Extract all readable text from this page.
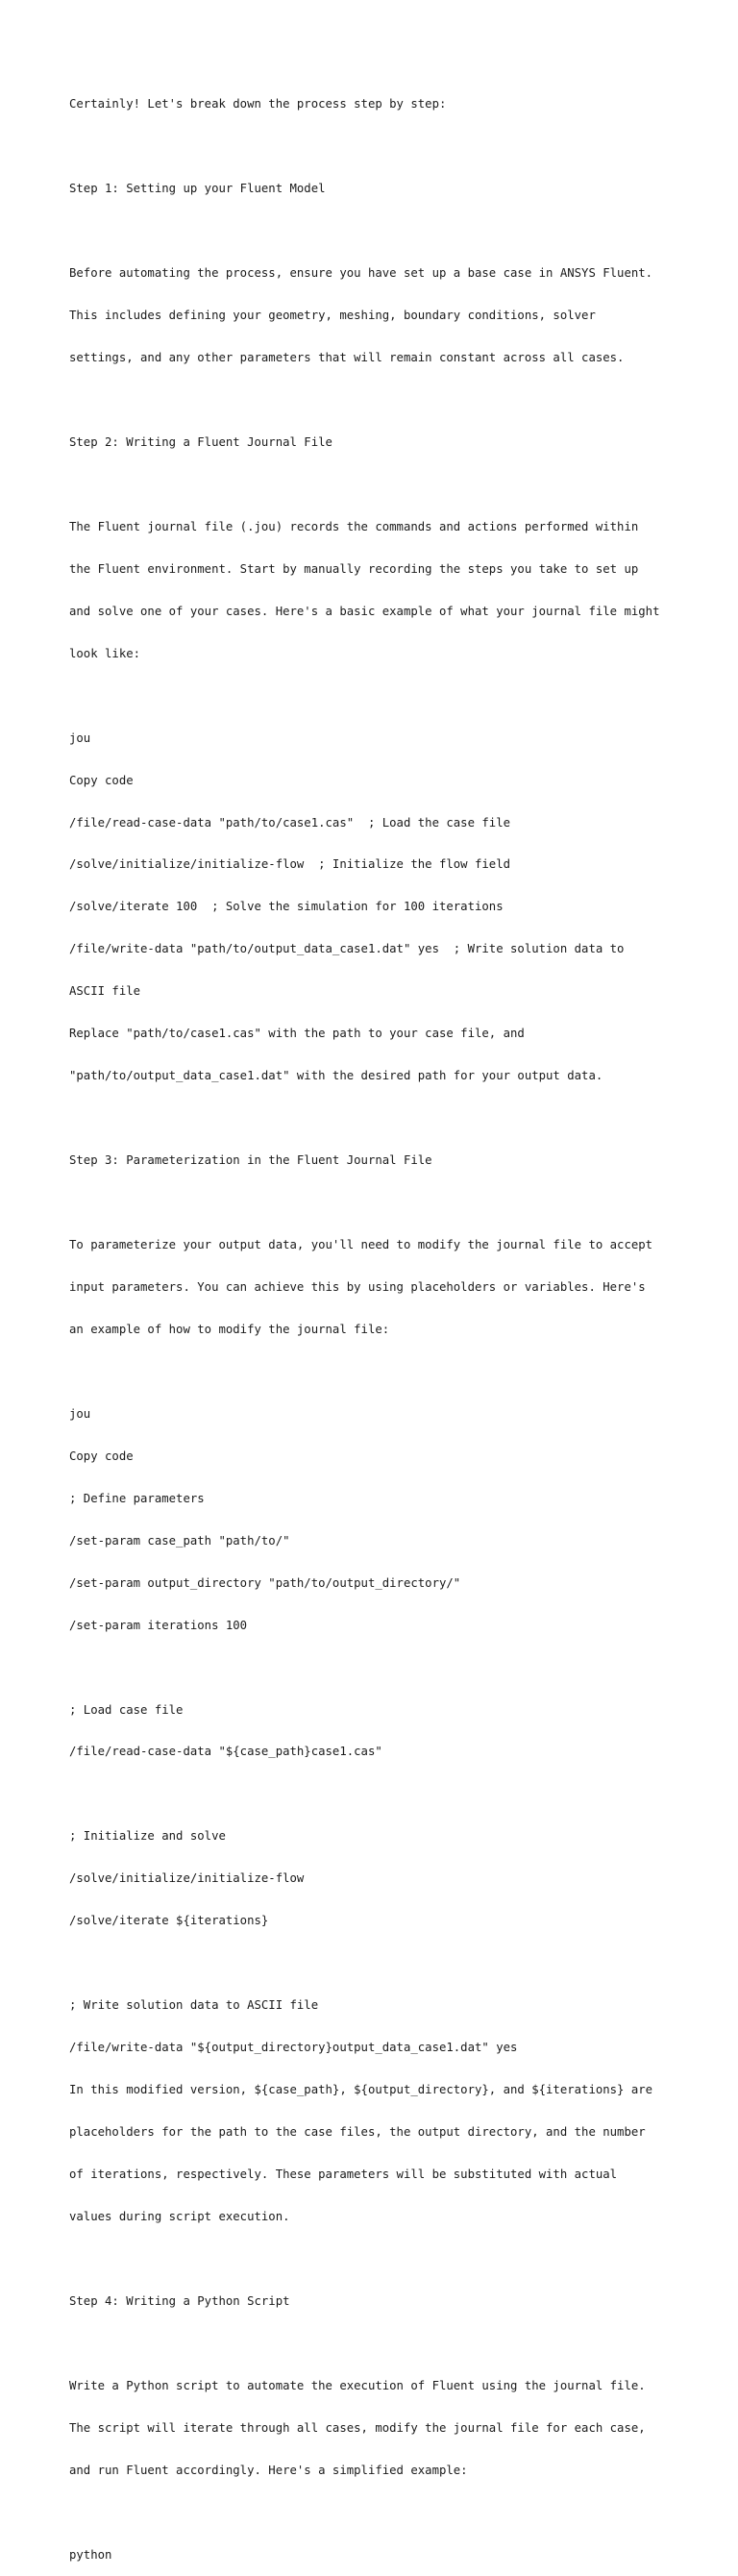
Certainly! Let's break down the process step by step:

Step 1: Setting up your Fluent Model

Before automating the process, ensure you have set up a base case in ANSYS Fluent.

This includes defining your geometry, meshing, boundary conditions, solver

settings, and any other parameters that will remain constant across all cases.

Step 2: Writing a Fluent Journal File

The Fluent journal file (.jou) records the commands and actions performed within

the Fluent environment. Start by manually recording the steps you take to set up

and solve one of your cases. Here's a basic example of what your journal file might

look like:

jou

Copy code

/file/read-case-data "path/to/case1.cas"  ; Load the case file

/solve/initialize/initialize-flow  ; Initialize the flow field

/solve/iterate 100  ; Solve the simulation for 100 iterations

/file/write-data "path/to/output_data_case1.dat" yes  ; Write solution data to

ASCII file

Replace "path/to/case1.cas" with the path to your case file, and

"path/to/output_data_case1.dat" with the desired path for your output data.

Step 3: Parameterization in the Fluent Journal File

To parameterize your output data, you'll need to modify the journal file to accept

input parameters. You can achieve this by using placeholders or variables. Here's

an example of how to modify the journal file:

jou

Copy code

; Define parameters

/set-param case_path "path/to/"

/set-param output_directory "path/to/output_directory/"

/set-param iterations 100

; Load case file

/file/read-case-data "${case_path}case1.cas"

; Initialize and solve

/solve/initialize/initialize-flow

/solve/iterate ${iterations}

; Write solution data to ASCII file

/file/write-data "${output_directory}output_data_case1.dat" yes

In this modified version, ${case_path}, ${output_directory}, and ${iterations} are

placeholders for the path to the case files, the output directory, and the number

of iterations, respectively. These parameters will be substituted with actual

values during script execution.

Step 4: Writing a Python Script

Write a Python script to automate the execution of Fluent using the journal file.

The script will iterate through all cases, modify the journal file for each case,

and run Fluent accordingly. Here's a simplified example:

python
